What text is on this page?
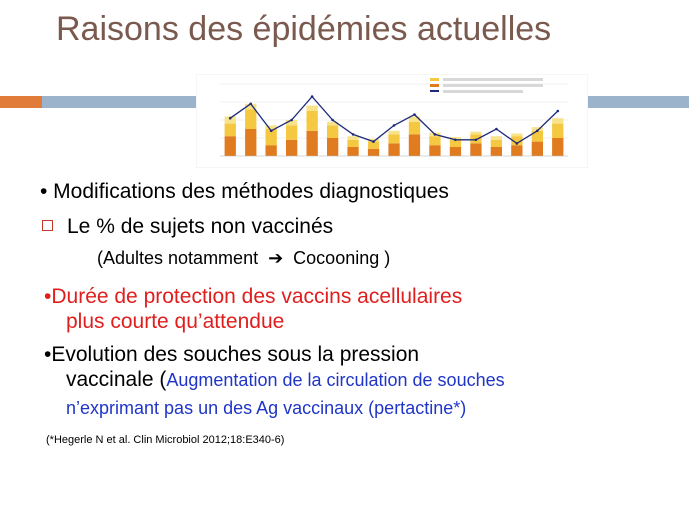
Raisons des épidémies actuelles
• Modifications des méthodes diagnostiques
Le % de sujets non vaccinés
(Adultes notamment ➔ Cocooning )
•Durée de protection des vaccins acellulaires
plus courte qu’attendue
•Evolution des souches sous la pression
vaccinale (Augmentation de la circulation de souches
n’exprimant pas un des Ag vaccinaux (pertactine*)
(*Hegerle N et al. Clin Microbiol 2012;18:E340-6)
